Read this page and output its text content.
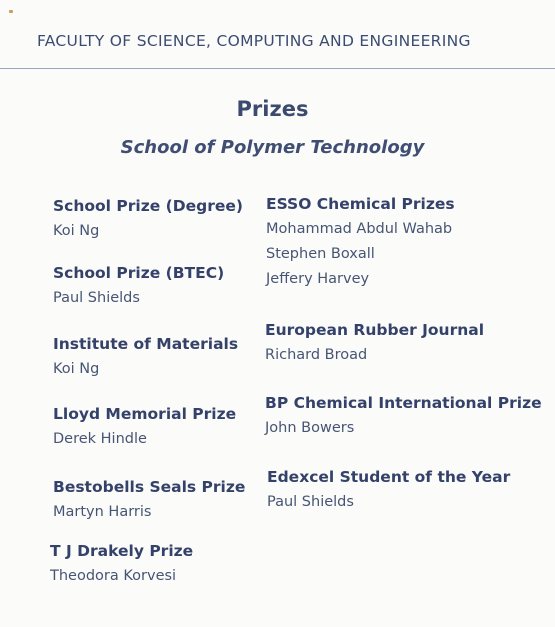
FACULTY OF SCIENCE, COMPUTING AND ENGINEERING
Prizes
School of Polymer Technology
School Prize (Degree)
Koi Ng
School Prize (BTEC)
Paul Shields
Institute of Materials
Koi Ng
Lloyd Memorial Prize
Derek Hindle
Bestobells Seals Prize
Martyn Harris
T J Drakely Prize
Theodora Korvesi
ESSO Chemical Prizes
Mohammad Abdul Wahab
Stephen Boxall
Jeffery Harvey
European Rubber Journal
Richard Broad
BP Chemical International Prize
John Bowers
Edexcel Student of the Year
Paul Shields
